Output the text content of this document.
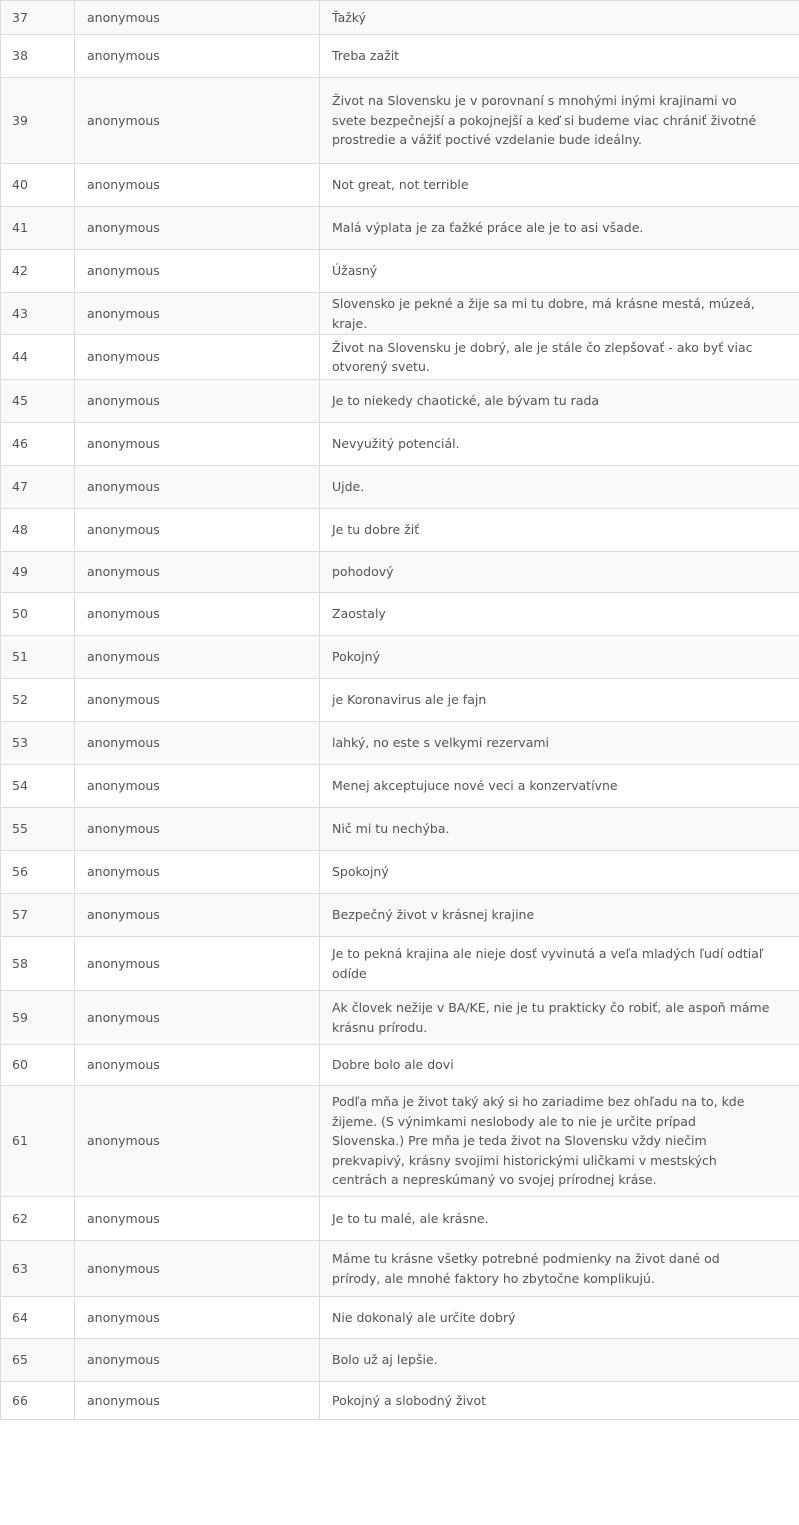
37	anonymous	Ťažký
38	anonymous	Treba zažit
39	anonymous	Život na Slovensku je v porovnaní s mnohými inými krajinami vo svete bezpečnejší a pokojnejší a keď si budeme viac chrániť životné prostredie a vážiť poctivé vzdelanie bude ideálny.
40	anonymous	Not great, not terrible
41	anonymous	Malá výplata je za ťažké práce ale je to asi všade.
42	anonymous	Úžasný
43	anonymous	Slovensko je pekné a žije sa mi tu dobre, má krásne mestá, múzeá, kraje.
44	anonymous	Život na Slovensku je dobrý, ale je stále čo zlepšovať - ako byť viac otvorený svetu.
45	anonymous	Je to niekedy chaotické, ale bývam tu rada
46	anonymous	Nevyužitý potenciál.
47	anonymous	Ujde.
48	anonymous	Je tu dobre žiť
49	anonymous	pohodový
50	anonymous	Zaostaly
51	anonymous	Pokojný
52	anonymous	je Koronavirus ale je fajn
53	anonymous	lahký, no este s velkymi rezervami
54	anonymous	Menej akceptujuce nové veci a konzervatívne
55	anonymous	Nič mi tu nechýba.
56	anonymous	Spokojný
57	anonymous	Bezpečný život v krásnej krajine
58	anonymous	Je to pekná krajina ale nieje dosť vyvinutá a veľa mladých ľudí odtiaľ odíde
59	anonymous	Ak človek nežije v BA/KE, nie je tu prakticky čo robiť, ale aspoň máme krásnu prírodu.
60	anonymous	Dobre bolo ale dovi
61	anonymous	Podľa mňa je život taký aký si ho zariadime bez ohľadu na to, kde žijeme. (S výnimkami neslobody ale to nie je určite prípad Slovenska.) Pre mňa je teda život na Slovensku vždy niečim prekvapivý, krásny svojimi historickými uličkami v mestských centrách a nepreskúmaný vo svojej prírodnej kráse.
62	anonymous	Je to tu malé, ale krásne.
63	anonymous	Máme tu krásne všetky potrebné podmienky na život dané od prírody, ale mnohé faktory ho zbytočne komplikujú.
64	anonymous	Nie dokonalý ale určite dobrý
65	anonymous	Bolo už aj lepšie.
66	anonymous	Pokojný a slobodný život
